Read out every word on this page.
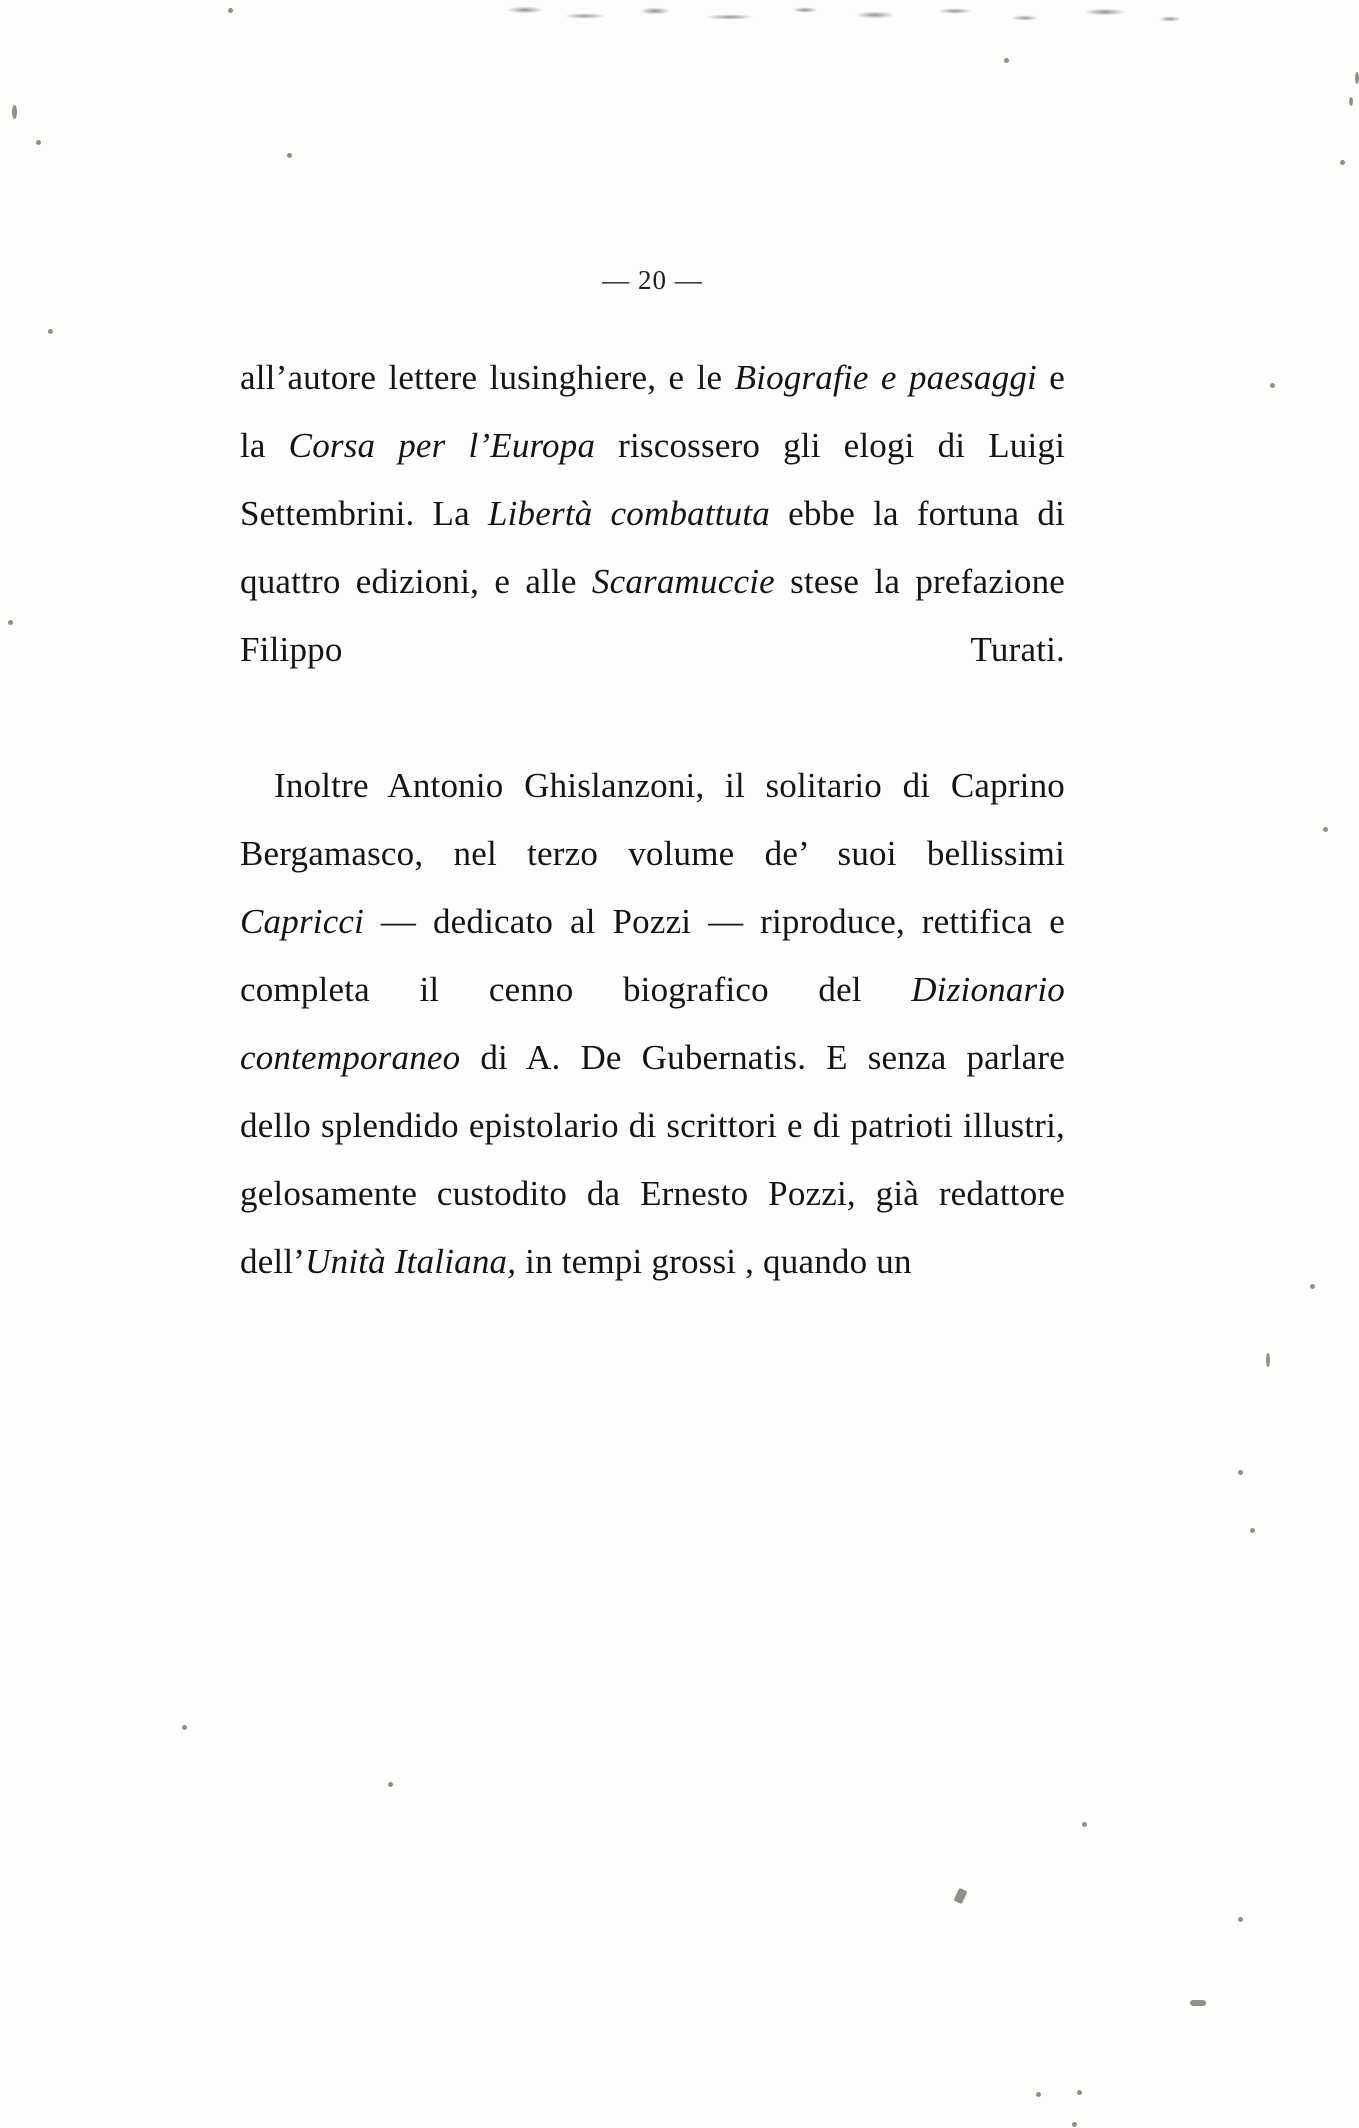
— 20 —

all’autore lettere lusinghiere, e le Biografie e paesaggi e la Corsa per l’Europa riscossero gli elogi di Luigi Settembrini. La Libertà combattuta ebbe la fortuna di quattro edizioni, e alle Scaramuccie stese la prefazione Filippo Turati.

Inoltre Antonio Ghislanzoni, il solitario di Caprino Bergamasco, nel terzo volume de’ suoi bellissimi Capricci — dedicato al Pozzi — riproduce, rettifica e completa il cenno biografico del Dizionario contemporaneo di A. De Gubernatis. E senza parlare dello splendido epistolario di scrittori e di patrioti illustri, gelosamente custodito da Ernesto Pozzi, già redattore dell’Unità Italiana, in tempi grossi , quando un
